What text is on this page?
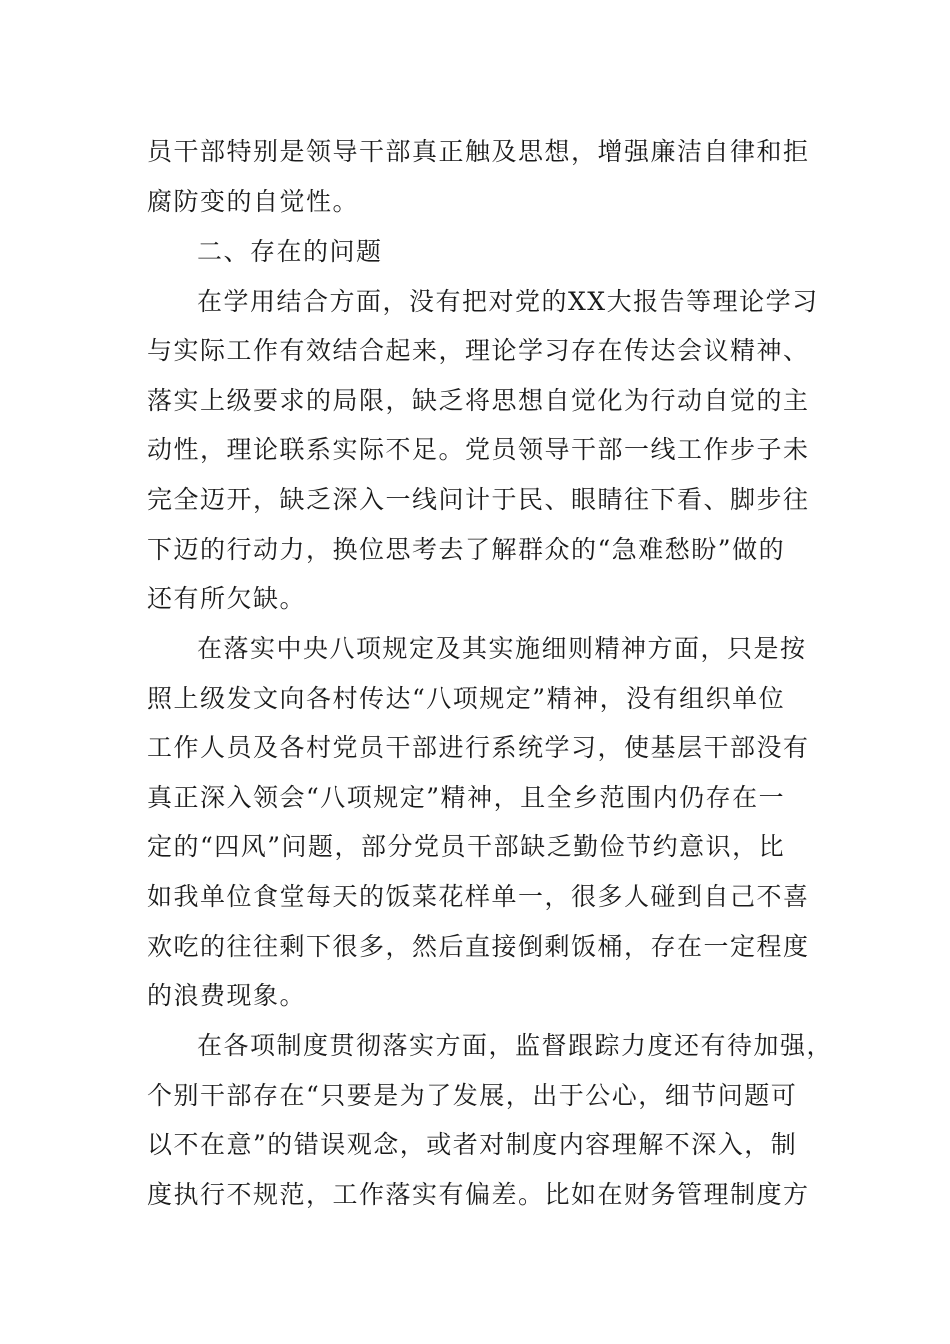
员干部特别是领导干部真正触及思想，增强廉洁自律和拒
腐防变的自觉性。
二、存在的问题
在学用结合方面，没有把对党的XX大报告等理论学习
与实际工作有效结合起来，理论学习存在传达会议精神、
落实上级要求的局限，缺乏将思想自觉化为行动自觉的主
动性，理论联系实际不足。党员领导干部一线工作步子未
完全迈开，缺乏深入一线问计于民、眼睛往下看、脚步往
下迈的行动力，换位思考去了解群众的“急难愁盼”做的
还有所欠缺。
在落实中央八项规定及其实施细则精神方面，只是按
照上级发文向各村传达“八项规定”精神，没有组织单位
工作人员及各村党员干部进行系统学习，使基层干部没有
真正深入领会“八项规定”精神，且全乡范围内仍存在一
定的“四风”问题，部分党员干部缺乏勤俭节约意识，比
如我单位食堂每天的饭菜花样单一，很多人碰到自己不喜
欢吃的往往剩下很多，然后直接倒剩饭桶，存在一定程度
的浪费现象。
在各项制度贯彻落实方面，监督跟踪力度还有待加强，
个别干部存在“只要是为了发展，出于公心，细节问题可
以不在意”的错误观念，或者对制度内容理解不深入，制
度执行不规范，工作落实有偏差。比如在财务管理制度方
